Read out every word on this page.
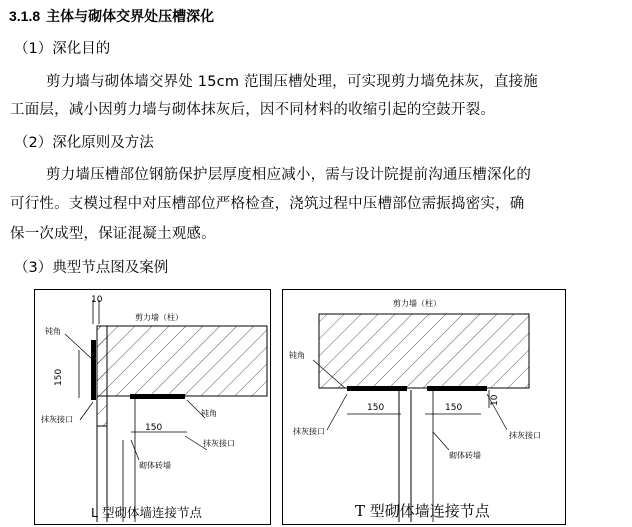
3.1.8 主体与砌体交界处压槽深化
（1）深化目的
剪力墙与砌体墙交界处 15cm 范围压槽处理，可实现剪力墙免抹灰，直接施
工面层，减小因剪力墙与砌体抹灰后，因不同材料的收缩引起的空鼓开裂。
（2）深化原则及方法
剪力墙压槽部位钢筋保护层厚度相应减小，需与设计院提前沟通压槽深化的
可行性。支模过程中对压槽部位严格检查，浇筑过程中压槽部位需振捣密实，确
保一次成型，保证混凝土观感。
（3）典型节点图及案例
10
剪力墙（柱）
钝角
150
抹灰接口
钝角
150
抹灰接口
砌体砖墙
L 型砌体墙连接节点
剪力墙（柱）
钝角
150	150
10
抹灰接口	抹灰接口
砌体砖墙
T 型砌体墙连接节点
